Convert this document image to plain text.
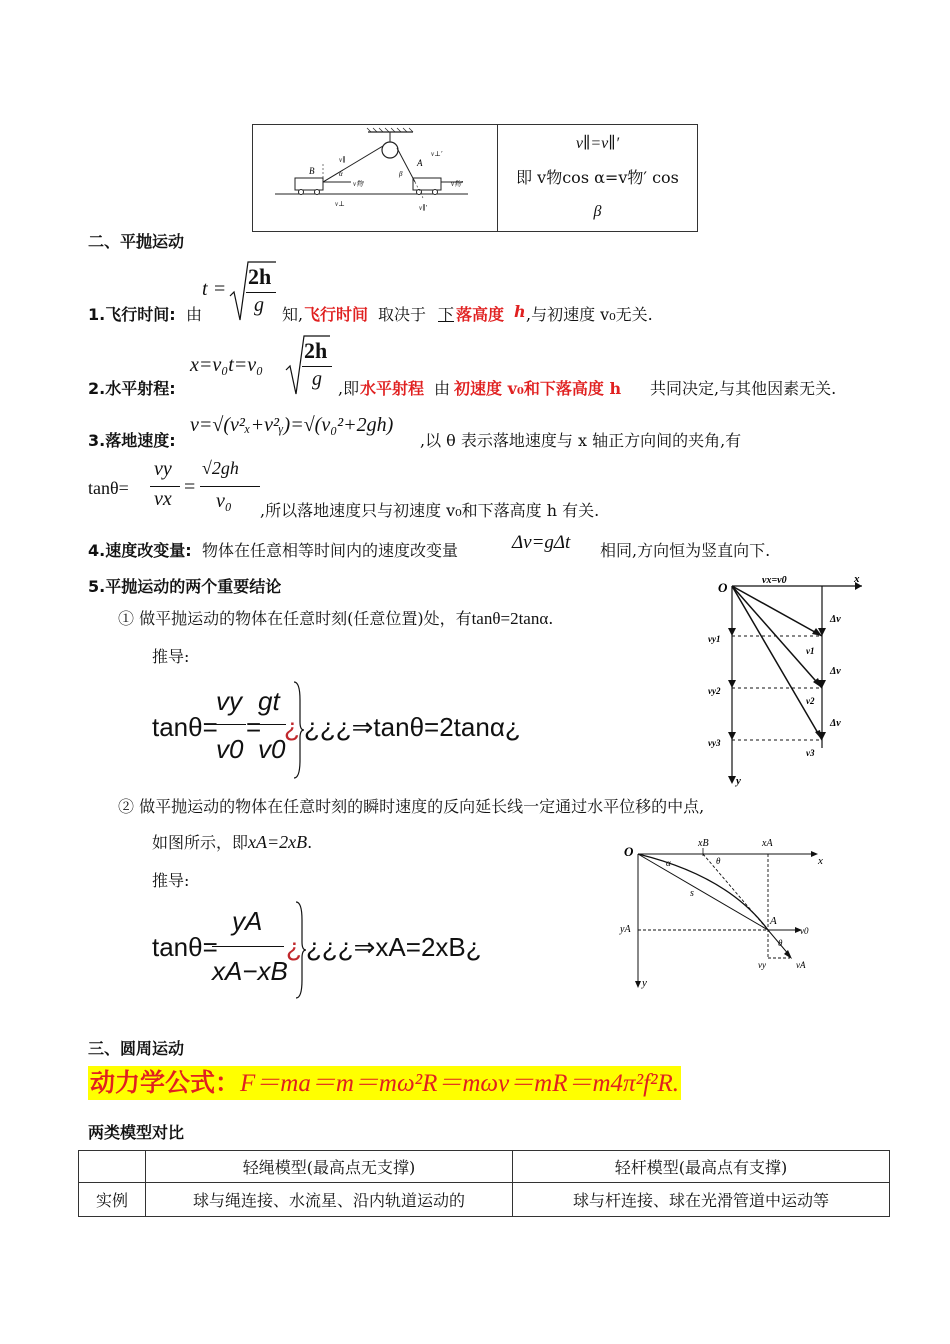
B
A
v∥
v⊥′
α	β
v物	v物′
v⊥	v∥′

v∥=v∥′
即 v物cos α=v物′ cos
β
二、平抛运动
1.飞行时间: 由
t = 2h
g 知, 飞行时间 取决于 下 落高度 h ,与初速度 v₀无关.
2.水平射程:
x=v₀t=v₀
2h
g ,即 水平射程 由 初速度 v₀和下落高度 h 共同决定,与其他因素无关.
3.落地速度:
v=√(v²ₓ+v²ᵧ)=√(v₀²+2gh)
,以 θ 表示落地速度与 x 轴正方向间的夹角,有
tanθ=
vy
vx
=
√2gh
v₀ ,所以落地速度只与初速度 v₀和下落高度 h 有关.
4.速度改变量: 物体在任意相等时间内的速度改变量	Δv=gΔt 相同,方向恒为竖直向下.
5.平抛运动的两个重要结论
① 做平抛运动的物体在任意时刻(任意位置)处，有tanθ=2tanα.
推导:
tanθ=
vy
v0
=
gt
v0
¿ ¿¿¿⇒tanθ=2tanα¿
② 做平抛运动的物体在任意时刻的瞬时速度的反向延长线一定通过水平位移的中点,
如图所示，即xA=2xB.
推导:
tanθ=
yA
xA−xB
¿ ¿¿¿⇒xA=2xB¿
O	vx=v0	x
y
vy1
vy2
vy3
v1
v2
v3
Δv
Δv
Δv
O
xB	xA
x
y
yA
A
v0
vy	vA
s
α	θ
θ
三、圆周运动
动力学公式：F＝ma＝m＝mω²R＝mωv＝mR＝m4π²f²R.
两类模型对比
	轻绳模型(最高点无支撑)	轻杆模型(最高点有支撑)
实例	球与绳连接、水流星、沿内轨道运动的	球与杆连接、球在光滑管道中运动等
